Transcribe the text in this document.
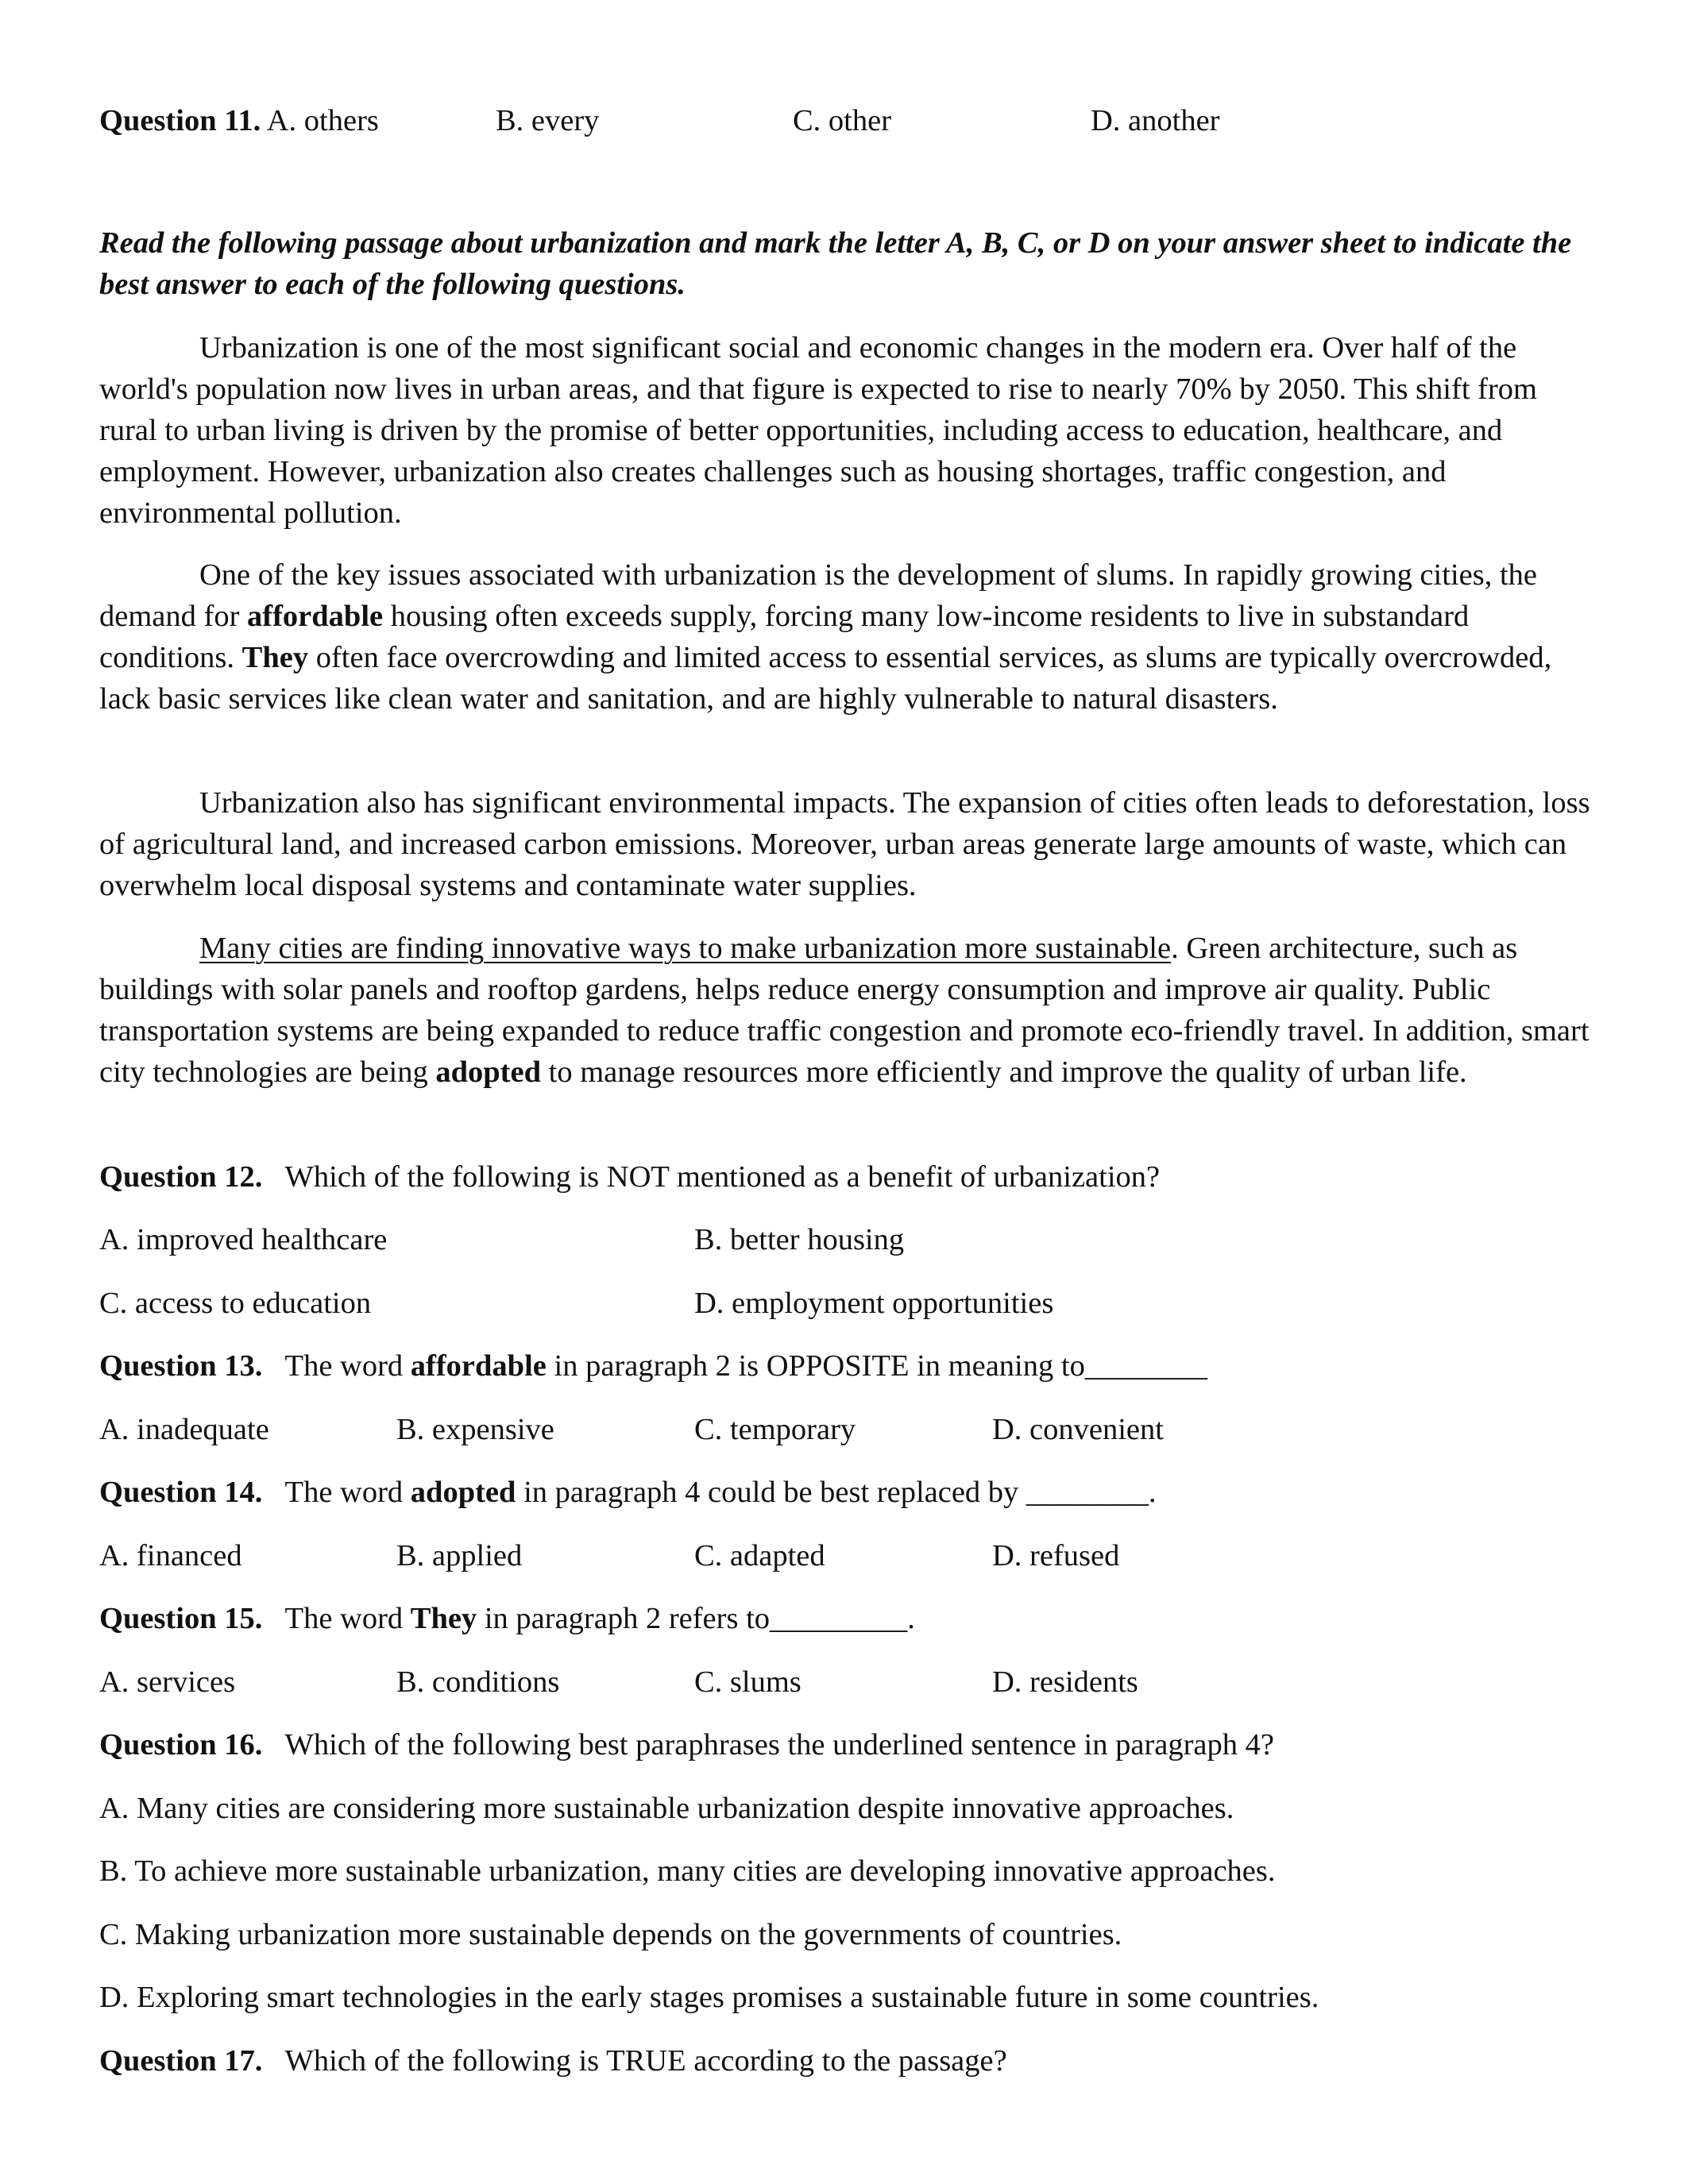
Question 11. A. others	B. every	C. other	D. another
Read the following passage about urbanization and mark the letter A, B, C, or D on your answer sheet to indicate the best answer to each of the following questions.

Urbanization is one of the most significant social and economic changes in the modern era. Over half of the world's population now lives in urban areas, and that figure is expected to rise to nearly 70% by 2050. This shift from rural to urban living is driven by the promise of better opportunities, including access to education, healthcare, and employment. However, urbanization also creates challenges such as housing shortages, traffic congestion, and environmental pollution.

One of the key issues associated with urbanization is the development of slums. In rapidly growing cities, the demand for affordable housing often exceeds supply, forcing many low-income residents to live in substandard conditions. They often face overcrowding and limited access to essential services, as slums are typically overcrowded, lack basic services like clean water and sanitation, and are highly vulnerable to natural disasters.

Urbanization also has significant environmental impacts. The expansion of cities often leads to deforestation, loss of agricultural land, and increased carbon emissions. Moreover, urban areas generate large amounts of waste, which can overwhelm local disposal systems and contaminate water supplies.

Many cities are finding innovative ways to make urbanization more sustainable. Green architecture, such as buildings with solar panels and rooftop gardens, helps reduce energy consumption and improve air quality. Public transportation systems are being expanded to reduce traffic congestion and promote eco-friendly travel. In addition, smart city technologies are being adopted to manage resources more efficiently and improve the quality of urban life.

Question 12. Which of the following is NOT mentioned as a benefit of urbanization?
A. improved healthcare	B. better housing
C. access to education	D. employment opportunities
Question 13. The word affordable in paragraph 2 is OPPOSITE in meaning to________
A. inadequate	B. expensive	C. temporary	D. convenient
Question 14. The word adopted in paragraph 4 could be best replaced by ________.
A. financed	B. applied	C. adapted	D. refused
Question 15. The word They in paragraph 2 refers to_________.
A. services	B. conditions	C. slums	D. residents
Question 16. Which of the following best paraphrases the underlined sentence in paragraph 4?
A. Many cities are considering more sustainable urbanization despite innovative approaches.
B. To achieve more sustainable urbanization, many cities are developing innovative approaches.
C. Making urbanization more sustainable depends on the governments of countries.
D. Exploring smart technologies in the early stages promises a sustainable future in some countries.
Question 17. Which of the following is TRUE according to the passage?
